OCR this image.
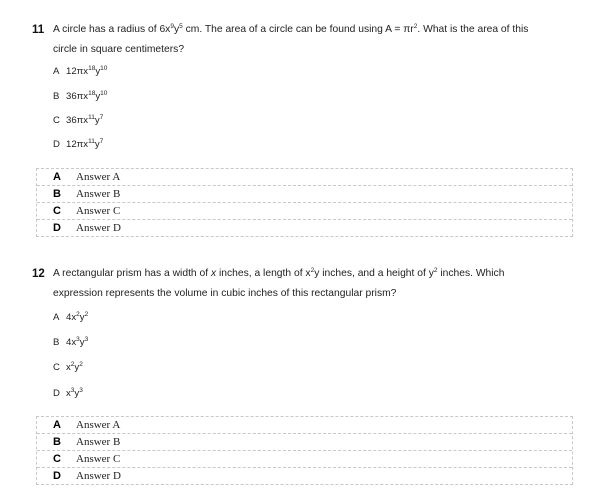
11 A circle has a radius of $6x^9y^5$ cm. The area of a circle can be found using $A = \pi r^2$. What is the area of this
circle in square centimeters?
A $12\pi x^{18}y^{10}$
B $36\pi x^{18}y^{10}$
C $36\pi x^{11}y^7$
D $12\pi x^{11}y^7$
A	Answer A
B	Answer B
C	Answer C
D	Answer D
12 A rectangular prism has a width of x inches, a length of $x^2y$ inches, and a height of $y^2$ inches. Which
expression represents the volume in cubic inches of this rectangular prism?
A $4x^2y^2$
B $4x^3y^3$
C $x^2y^2$
D $x^3y^3$
A	Answer A
B	Answer B
C	Answer C
D	Answer D
